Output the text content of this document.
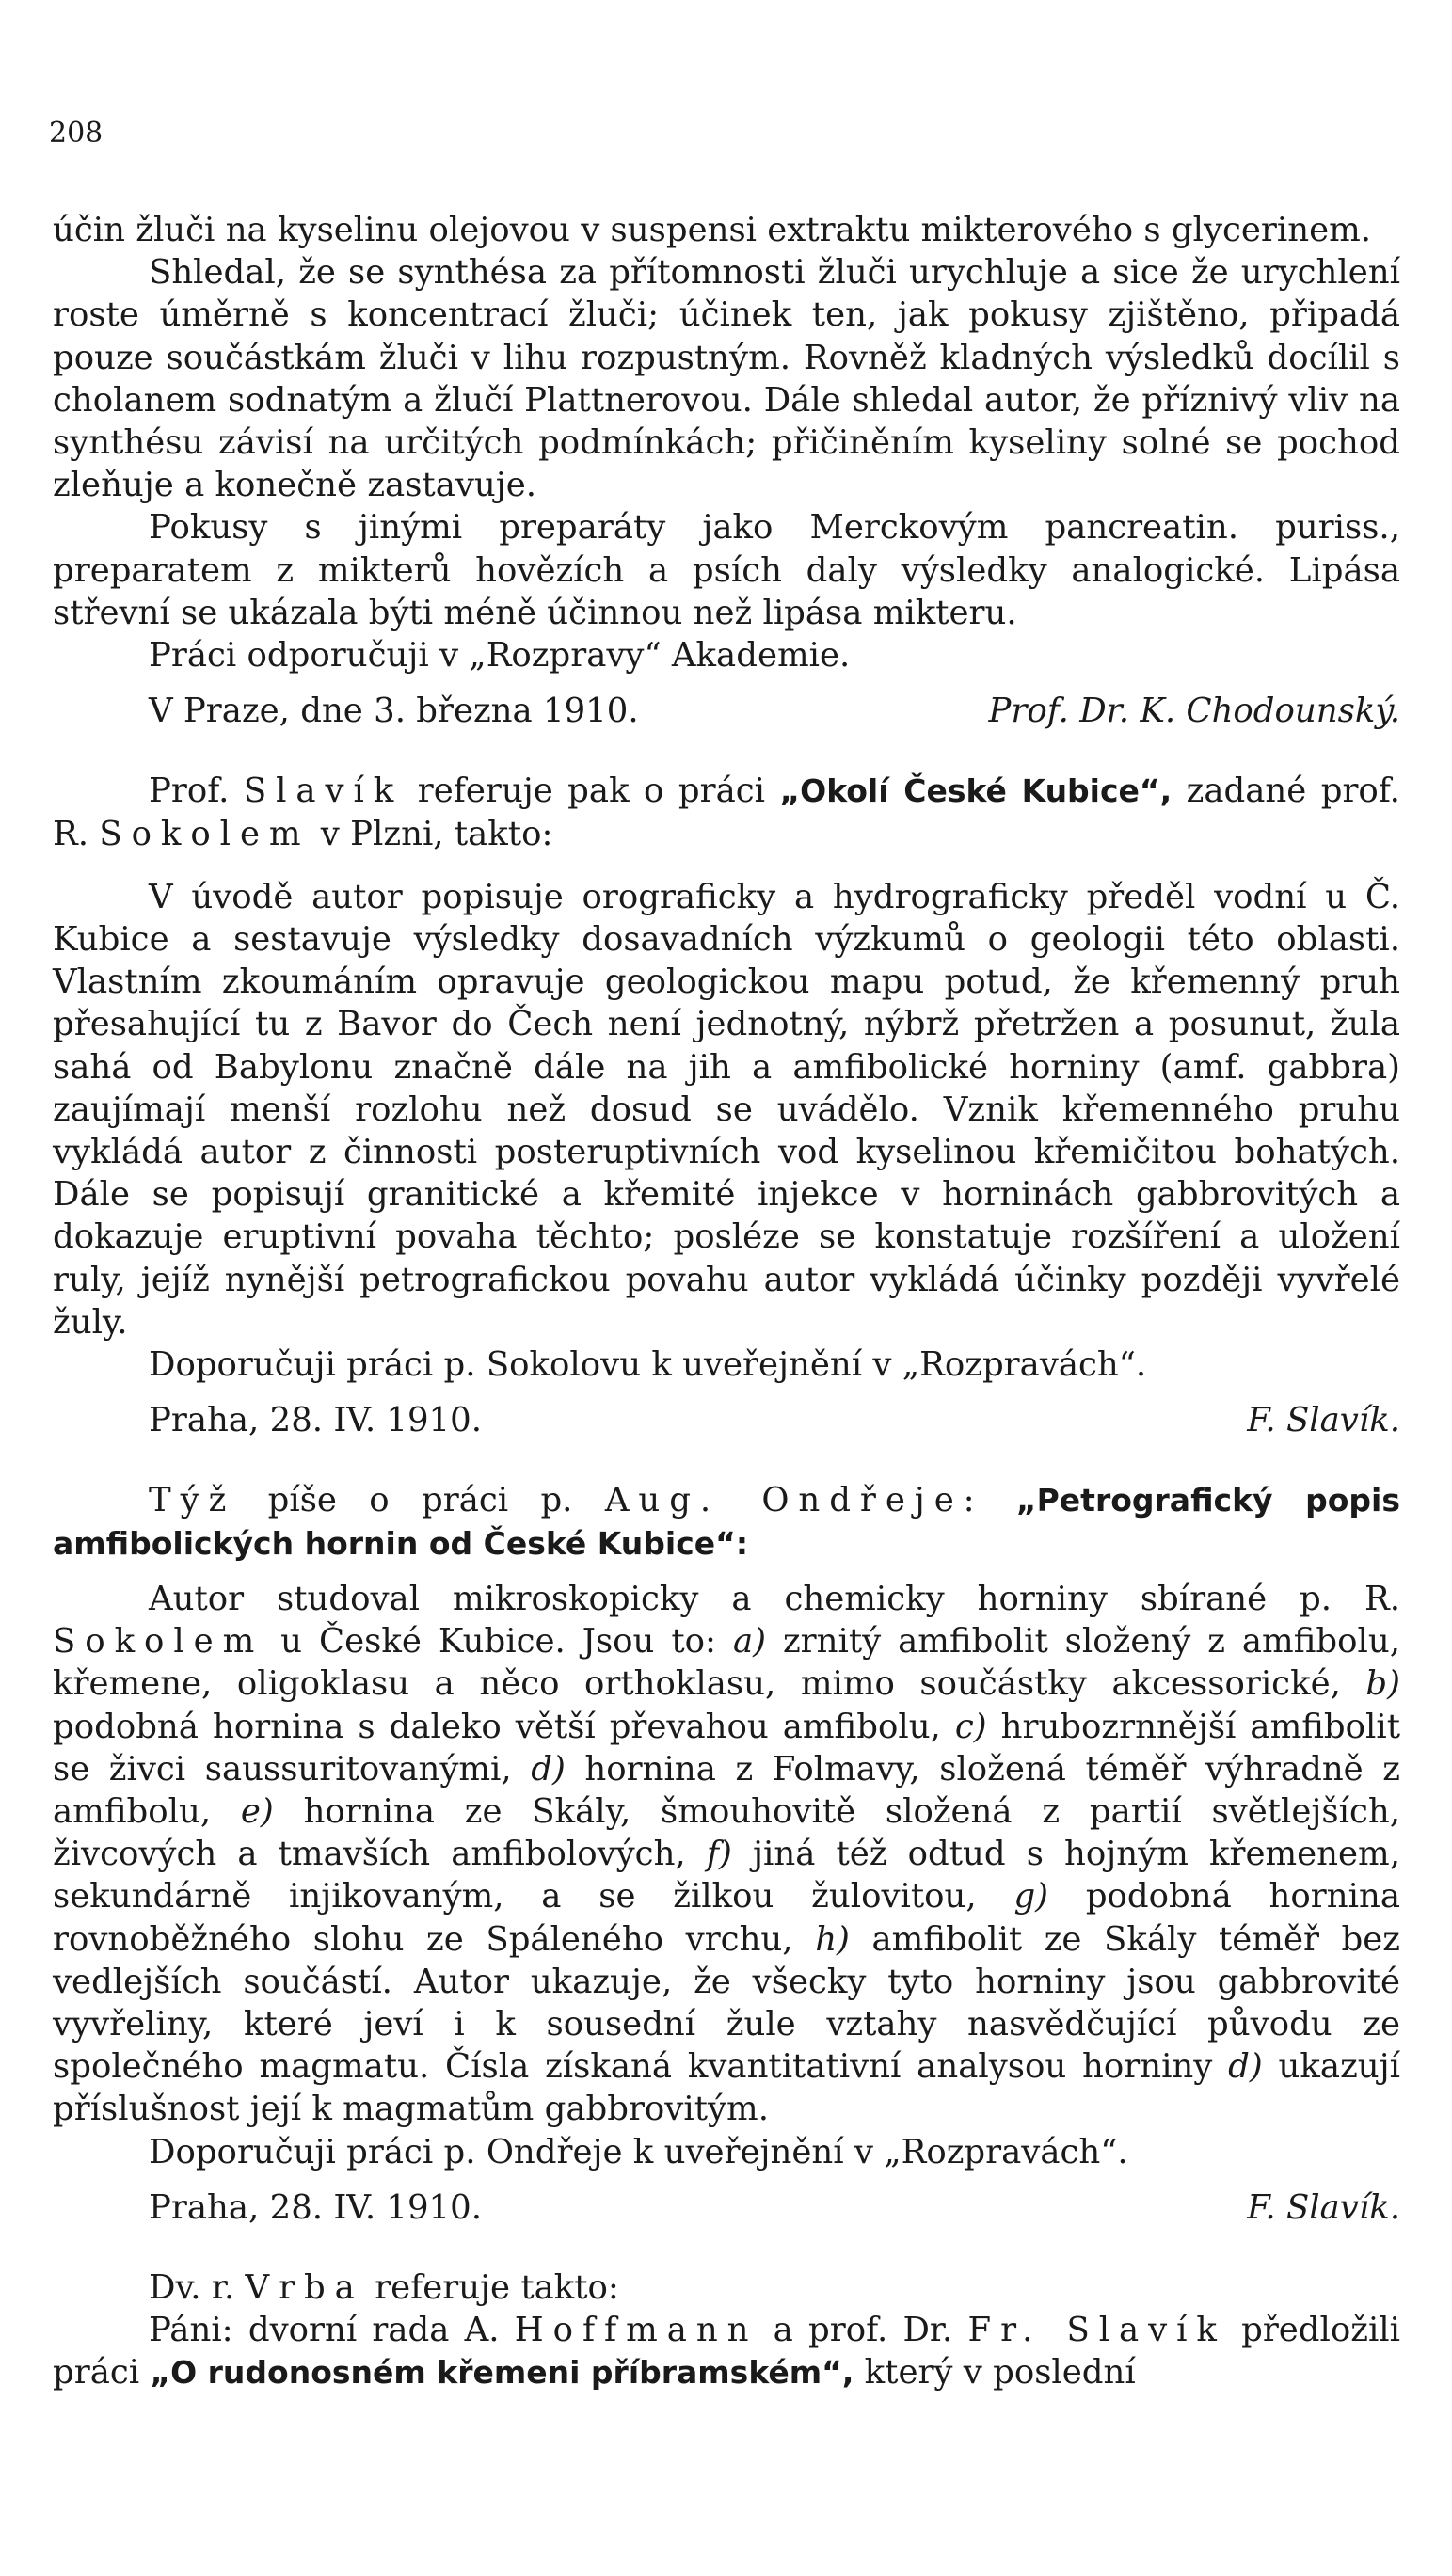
208

účin žluči na kyselinu olejovou v suspensi extraktu mikterového s glycerinem.

Shledal, že se synthésa za přítomnosti žluči urychluje a sice že urychlení roste úměrně s koncentrací žluči; účinek ten, jak pokusy zjištěno, připadá pouze součástkám žluči v lihu rozpustným. Rovněž kladných výsledků docílil s cholanem sodnatým a žlučí Plattnerovou. Dále shledal autor, že příznivý vliv na synthésu závisí na určitých podmínkách; přičiněním kyseliny solné se pochod zleňuje a konečně zastavuje.

Pokusy s jinými preparáty jako Merckovým pancreatin. puriss., preparatem z mikterů hovězích a psích daly výsledky analogické. Lipása střevní se ukázala býti méně účinnou než lipása mikteru.

Práci odporučuji v „Rozpravy“ Akademie.

V Praze, dne 3. března 1910.	Prof. Dr. K. Chodounský.

Prof. Slavík referuje pak o práci „Okolí České Kubice“, zadané prof. R. Sokolem v Plzni, takto:

V úvodě autor popisuje orograficky a hydrograficky předěl vodní u Č. Kubice a sestavuje výsledky dosavadních výzkumů o geologii této oblasti. Vlastním zkoumáním opravuje geologickou mapu potud, že křemenný pruh přesahující tu z Bavor do Čech není jednotný, nýbrž přetržen a posunut, žula sahá od Babylonu značně dále na jih a amfibolické horniny (amf. gabbra) zaujímají menší rozlohu než dosud se uvádělo. Vznik křemenného pruhu vykládá autor z činnosti posteruptivních vod kyselinou křemičitou bohatých. Dále se popisují granitické a křemité injekce v horninách gabbrovitých a dokazuje eruptivní povaha těchto; posléze se konstatuje rozšíření a uložení ruly, jejíž nynější petrografickou povahu autor vykládá účinky později vyvřelé žuly.

Doporučuji práci p. Sokolovu k uveřejnění v „Rozpravách“.

Praha, 28. IV. 1910.	F. Slavík.

Týž píše o práci p. Aug. Ondřeje: „Petrografický popis amfibolických hornin od České Kubice“:

Autor studoval mikroskopicky a chemicky horniny sbírané p. R. Sokolem u České Kubice. Jsou to: a) zrnitý amfibolit složený z amfibolu, křemene, oligoklasu a něco orthoklasu, mimo součástky akcessorické, b) podobná hornina s daleko větší převahou amfibolu, c) hrubozrnnější amfibolit se živci saussuritovanými, d) hornina z Folmavy, složená téměř výhradně z amfibolu, e) hornina ze Skály, šmouhovitě složená z partií světlejších, živcových a tmavších amfibolových, f) jiná též odtud s hojným křemenem, sekundárně injikovaným, a se žilkou žulovitou, g) podobná hornina rovnoběžného slohu ze Spáleného vrchu, h) amfibolit ze Skály téměř bez vedlejších součástí. Autor ukazuje, že všecky tyto horniny jsou gabbrovité vyvřeliny, které jeví i k sousední žule vztahy nasvědčující původu ze společného magmatu. Čísla získaná kvantitativní analysou horniny d) ukazují příslušnost její k magmatům gabbrovitým.

Doporučuji práci p. Ondřeje k uveřejnění v „Rozpravách“.

Praha, 28. IV. 1910.	F. Slavík.

Dv. r. Vrba referuje takto:

Páni: dvorní rada A. Hoffmann a prof. Dr. Fr. Slavík předložili práci „O rudonosném křemeni příbramském“, který v poslední
